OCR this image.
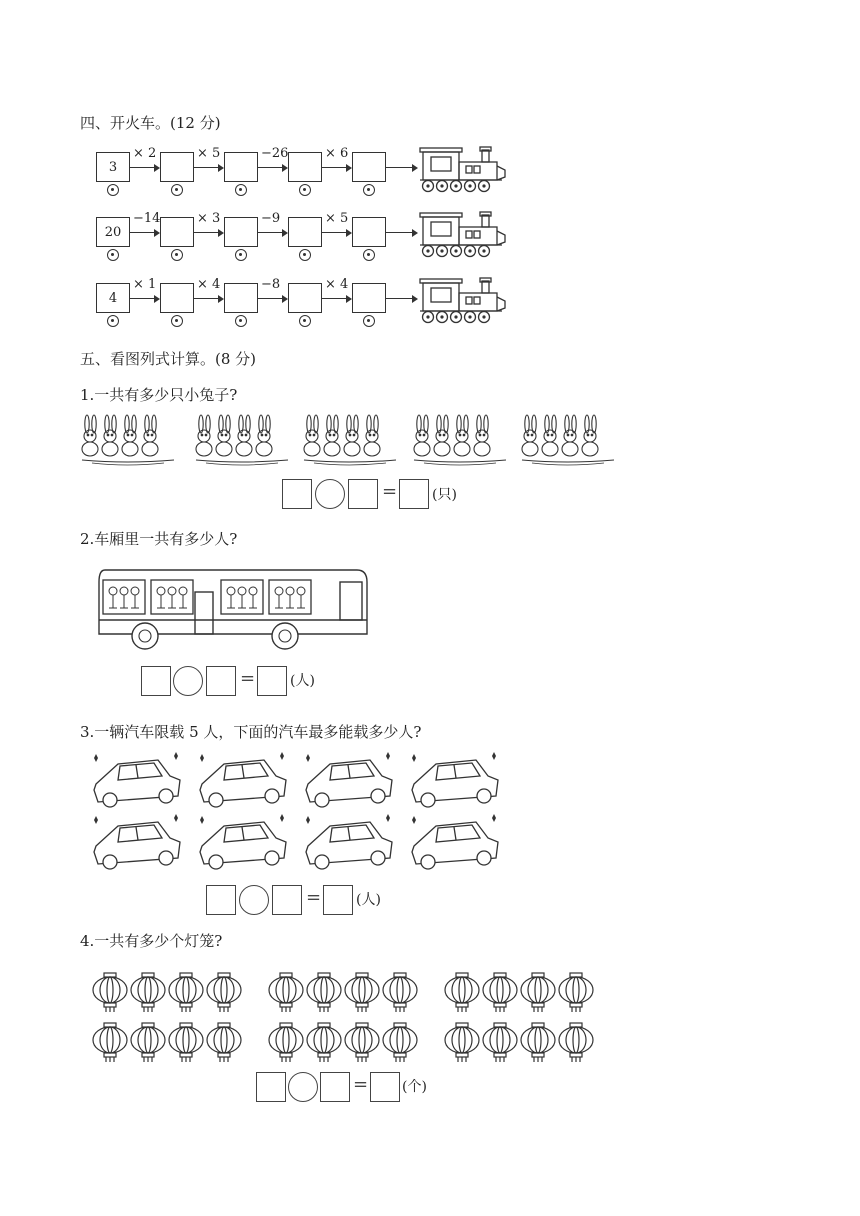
四、开火车。(12 分)
3
× 2	× 5	−26	× 6
20
−14	× 3	−9	× 5
4
× 1	× 4	−8	× 4
五、看图列式计算。(8 分)
1.一共有多少只小兔子?
= (只)
2.车厢里一共有多少人?
= (人)
3.一辆汽车限载 5 人，下面的汽车最多能载多少人?
= (人)
4.一共有多少个灯笼?
= (个)
